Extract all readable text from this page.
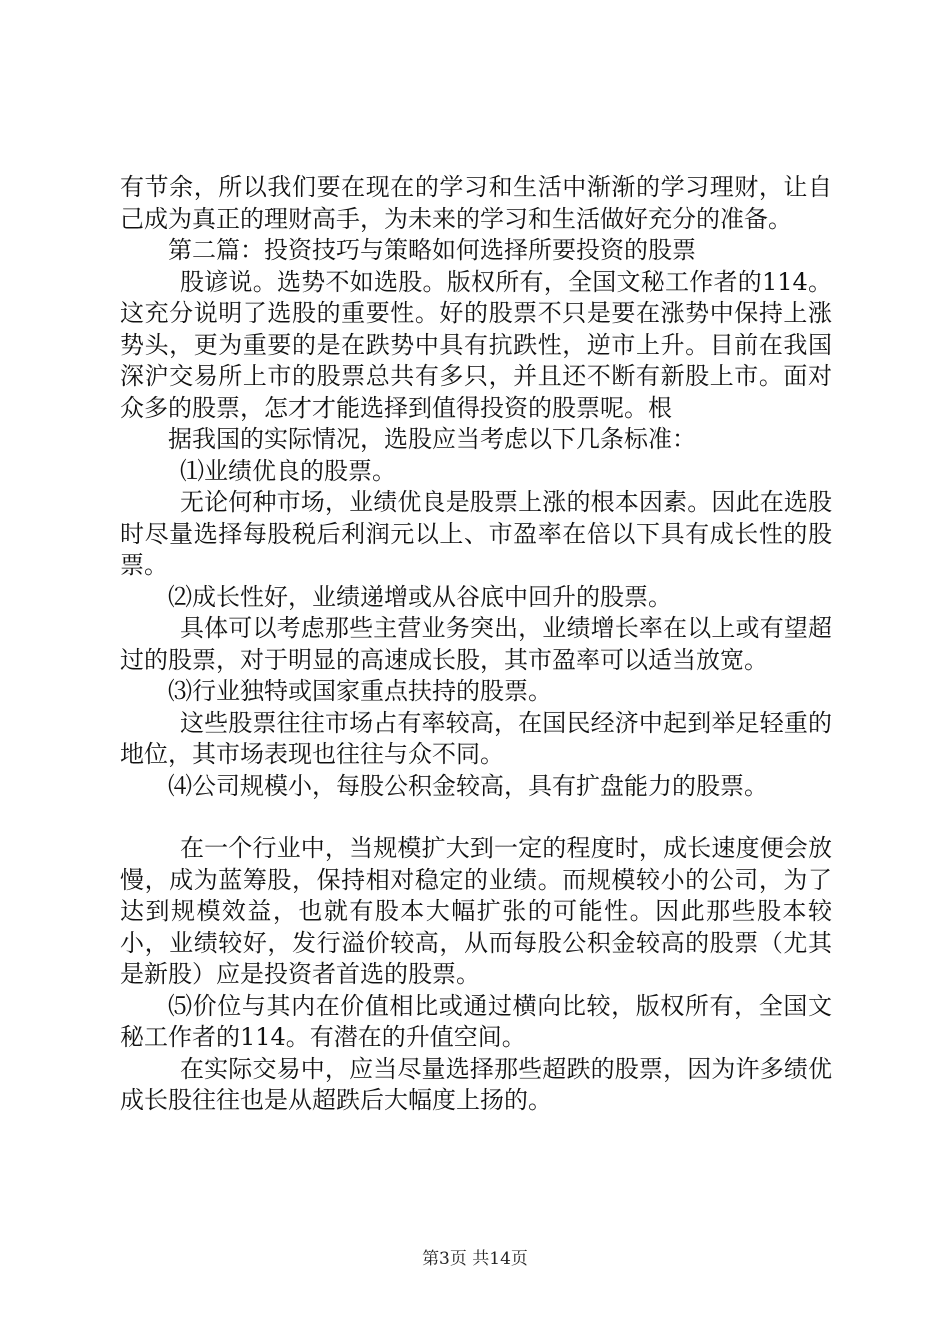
有节余，所以我们要在现在的学习和生活中渐渐的学习理财，让自己成为真正的理财高手，为未来的学习和生活做好充分的准备。

第二篇：投资技巧与策略如何选择所要投资的股票

股谚说。选势不如选股。版权所有，全国文秘工作者的114。这充分说明了选股的重要性。好的股票不只是要在涨势中保持上涨势头，更为重要的是在跌势中具有抗跌性，逆市上升。目前在我国深沪交易所上市的股票总共有多只，并且还不断有新股上市。面对众多的股票，怎才才能选择到值得投资的股票呢。根

据我国的实际情况，选股应当考虑以下几条标准：

⑴业绩优良的股票。

无论何种市场，业绩优良是股票上涨的根本因素。因此在选股时尽量选择每股税后利润元以上、市盈率在倍以下具有成长性的股票。

⑵成长性好，业绩递增或从谷底中回升的股票。

具体可以考虑那些主营业务突出，业绩增长率在以上或有望超过的股票，对于明显的高速成长股，其市盈率可以适当放宽。

⑶行业独特或国家重点扶持的股票。

这些股票往往市场占有率较高，在国民经济中起到举足轻重的地位，其市场表现也往往与众不同。

⑷公司规模小，每股公积金较高，具有扩盘能力的股票。

在一个行业中，当规模扩大到一定的程度时，成长速度便会放慢，成为蓝筹股，保持相对稳定的业绩。而规模较小的公司，为了达到规模效益，也就有股本大幅扩张的可能性。因此那些股本较小，业绩较好，发行溢价较高，从而每股公积金较高的股票（尤其是新股）应是投资者首选的股票。

⑸价位与其内在价值相比或通过横向比较，版权所有，全国文秘工作者的114。有潜在的升值空间。

在实际交易中，应当尽量选择那些超跌的股票，因为许多绩优成长股往往也是从超跌后大幅度上扬的。

第3页 共14页
